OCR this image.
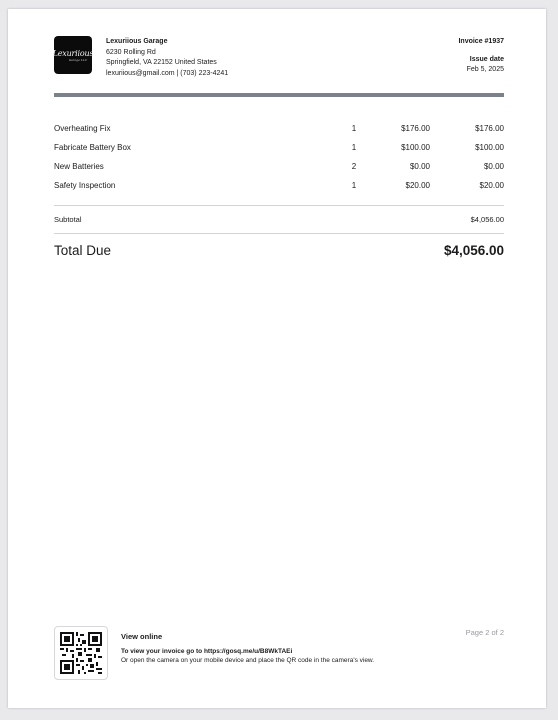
Lexuriious
Garage LLC
Lexuriious Garage
6230 Rolling Rd
Springfield, VA 22152 United States
lexuriious@gmail.com | (703) 223-4241
Invoice #1937
Issue date
Feb 5, 2025
Overheating Fix	1	$176.00	$176.00
Fabricate Battery Box	1	$100.00	$100.00
New Batteries	2	$0.00	$0.00
Safety Inspection	1	$20.00	$20.00
Subtotal	$4,056.00
Total Due	$4,056.00
View online
To view your invoice go to https://gosq.me/u/B8WkTAEi
Or open the camera on your mobile device and place the QR code in the camera's view.
Page 2 of 2
